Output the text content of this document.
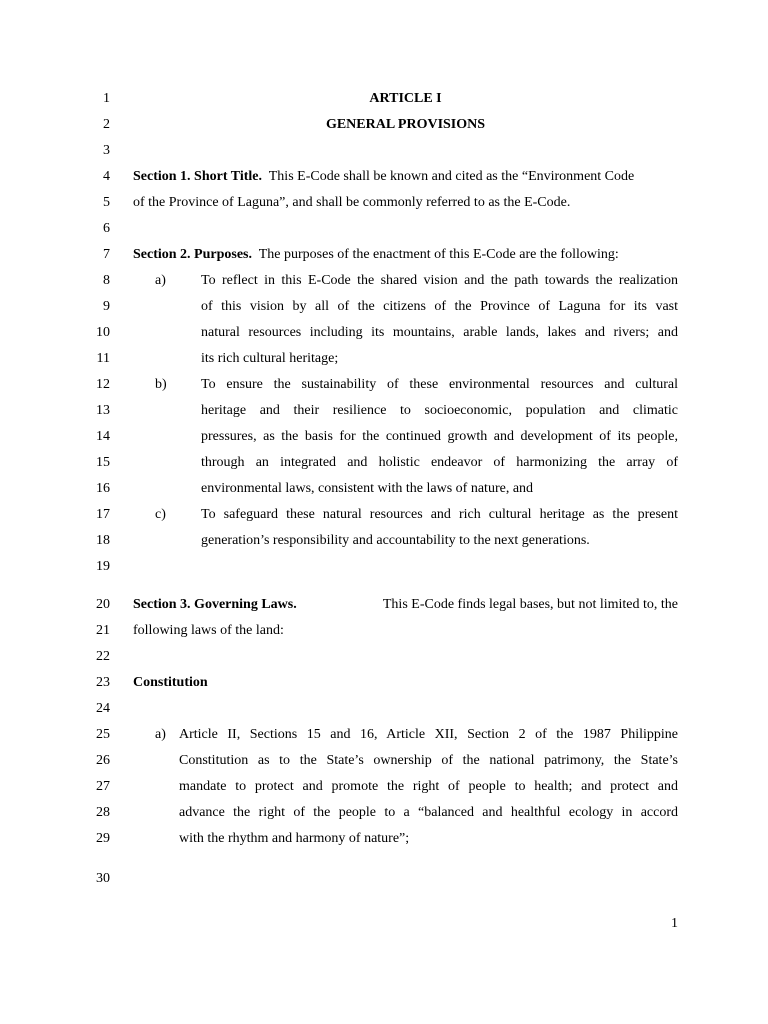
1
2
3
4
5
6
7
8
9
10
11
12
13
14
15
16
17
18
19
20
21
22
23
24
25
26
27
28
29
30
ARTICLE I
GENERAL PROVISIONS
Section 1. Short Title. This E-Code shall be known and cited as the “Environment Code
of the Province of Laguna”, and shall be commonly referred to as the E-Code.
Section 2. Purposes. The purposes of the enactment of this E-Code are the following:
a)	To reflect in this E-Code the shared vision and the path towards the realization
of this vision by all of the citizens of the Province of Laguna for its vast
natural resources including its mountains, arable lands, lakes and rivers; and
its rich cultural heritage;
b) To ensure the sustainability of these environmental resources and cultural
heritage and their resilience to socioeconomic, population and climatic
pressures, as the basis for the continued growth and development of its people,
through an integrated and holistic endeavor of harmonizing the array of
environmental laws, consistent with the laws of nature, and
c)	To safeguard these natural resources and rich cultural heritage as the present
generation’s responsibility and accountability to the next generations.
Section 3. Governing Laws.	This E-Code finds legal bases, but not limited to, the
following laws of the land:
Constitution
a) Article II, Sections 15 and 16, Article XII, Section 2 of the 1987 Philippine
Constitution as to the State’s ownership of the national patrimony, the State’s
mandate to protect and promote the right of people to health; and protect and
advance the right of the people to a “balanced and healthful ecology in accord
with the rhythm and harmony of nature”;
1
